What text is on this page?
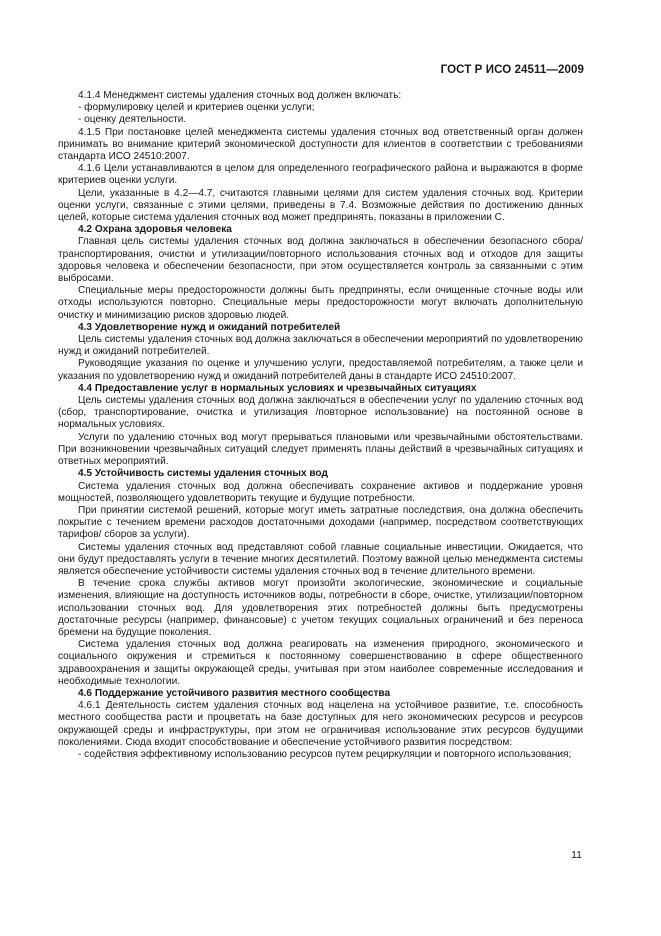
ГОСТ Р ИСО 24511—2009

4.1.4 Менеджмент системы удаления сточных вод должен включать:

- формулировку целей и критериев оценки услуги;

- оценку деятельности.

4.1.5 При постановке целей менеджмента системы удаления сточных вод ответственный орган должен принимать во внимание критерий экономической доступности для клиентов в соответствии с требованиями стандарта ИСО 24510:2007.

4.1.6 Цели устанавливаются в целом для определенного географического района и выражаются в форме критериев оценки услуги.

Цели, указанные в 4.2—4.7, считаются главными целями для систем удаления сточных вод. Критерии оценки услуги, связанные с этими целями, приведены в 7.4. Возможные действия по достижению данных целей, которые система удаления сточных вод может предпринять, показаны в приложении С.

4.2 Охрана здоровья человека

Главная цель системы удаления сточных вод должна заключаться в обеспечении безопасного сбора/транспортирования, очистки и утилизации/повторного использования сточных вод и отходов для защиты здоровья человека и обеспечении безопасности, при этом осуществляется контроль за связанными с этим выбросами.

Специальные меры предосторожности должны быть предприняты, если очищенные сточные воды или отходы используются повторно. Специальные меры предосторожности могут включать дополнительную очистку и минимизацию рисков здоровью людей.

4.3 Удовлетворение нужд и ожиданий потребителей

Цель системы удаления сточных вод должна заключаться в обеспечении мероприятий по удовлетворению нужд и ожиданий потребителей.

Руководящие указания по оценке и улучшению услуги, предоставляемой потребителям, а также цели и указания по удовлетворению нужд и ожиданий потребителей даны в стандарте ИСО 24510:2007.

4.4 Предоставление услуг в нормальных условиях и чрезвычайных ситуациях

Цель системы удаления сточных вод должна заключаться в обеспечении услуг по удалению сточных вод (сбор, транспортирование, очистка и утилизация /повторное использование) на постоянной основе в нормальных условиях.

Услуги по удалению сточных вод могут прерываться плановыми или чрезвычайными обстоятельствами. При возникновении чрезвычайных ситуаций следует применять планы действий в чрезвычайных ситуациях и ответных мероприятий.

4.5 Устойчивость системы удаления сточных вод

Система удаления сточных вод должна обеспечивать сохранение активов и поддержание уровня мощностей, позволяющего удовлетворить текущие и будущие потребности.

При принятии системой решений, которые могут иметь затратные последствия, она должна обеспечить покрытие с течением времени расходов достаточными доходами (например, посредством соответствующих тарифов/ сборов за услуги).

Системы удаления сточных вод представляют собой главные социальные инвестиции. Ожидается, что они будут предоставлять услуги в течение многих десятилетий. Поэтому важной целью менеджмента системы является обеспечение устойчивости системы удаления сточных вод в течение длительного времени.

В течение срока службы активов могут произойти экологические, экономические и социальные изменения, влияющие на доступность источников воды, потребности в сборе, очистке, утилизации/повторном использовании сточных вод. Для удовлетворения этих потребностей должны быть предусмотрены достаточные ресурсы (например, финансовые) с учетом текущих социальных ограничений и без переноса бремени на будущие поколения.

Система удаления сточных вод должна реагировать на изменения природного, экономического и социального окружения и стремиться к постоянному совершенствованию в сфере общественного здравоохранения и защиты окружающей среды, учитывая при этом наиболее современные исследования и необходимые технологии.

4.6 Поддержание устойчивого развития местного сообщества

4.6.1 Деятельность систем удаления сточных вод нацелена на устойчивое развитие, т.е. способность местного сообщества расти и процветать на базе доступных для него экономических ресурсов и ресурсов окружающей среды и инфраструктуры, при этом не ограничивая использование этих ресурсов будущими поколениями. Сюда входит способствование и обеспечение устойчивого развития посредством:

- содействия эффективному использованию ресурсов путем рециркуляции и повторного использования;

11
